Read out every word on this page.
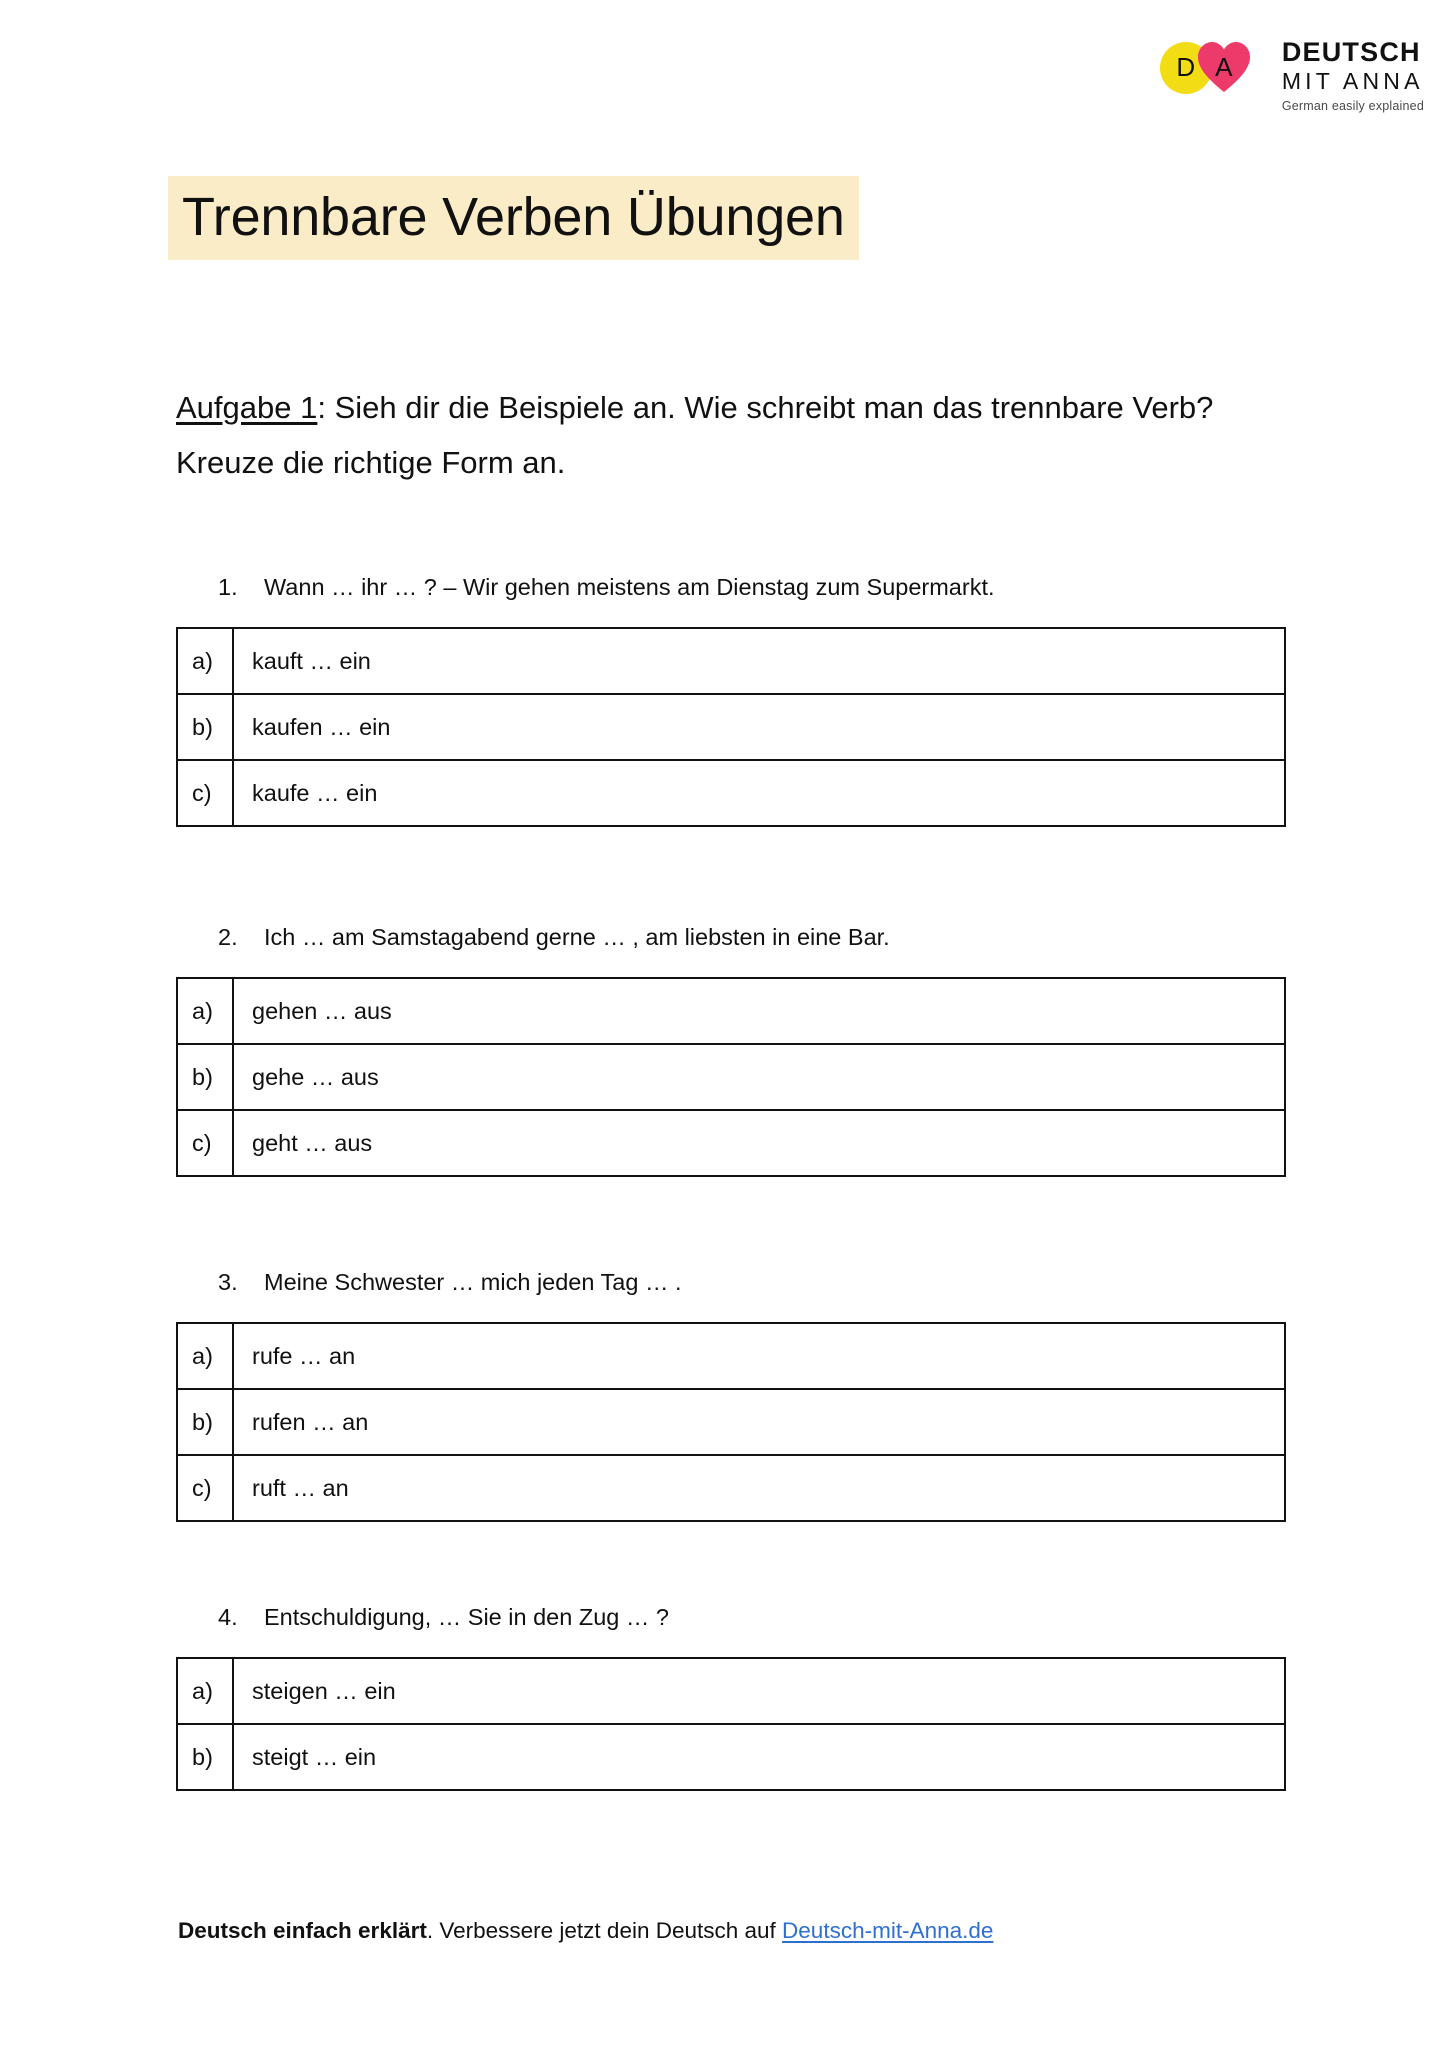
D A	DEUTSCH
MIT ANNA
German easily explained
Trennbare Verben Übungen
Aufgabe 1: Sieh dir die Beispiele an. Wie schreibt man das trennbare Verb? Kreuze die richtige Form an.
1.	Wann … ihr … ? – Wir gehen meistens am Dienstag zum Supermarkt.
a)	kauft … ein
b)	kaufen … ein
c)	kaufe … ein
2.	Ich … am Samstagabend gerne … , am liebsten in eine Bar.
a)	gehen … aus
b)	gehe … aus
c)	geht … aus
3.	Meine Schwester … mich jeden Tag … .
a)	rufe … an
b)	rufen … an
c)	ruft … an
4.	Entschuldigung, … Sie in den Zug … ?
a)	steigen … ein
b)	steigt … ein
Deutsch einfach erklärt. Verbessere jetzt dein Deutsch auf Deutsch-mit-Anna.de
